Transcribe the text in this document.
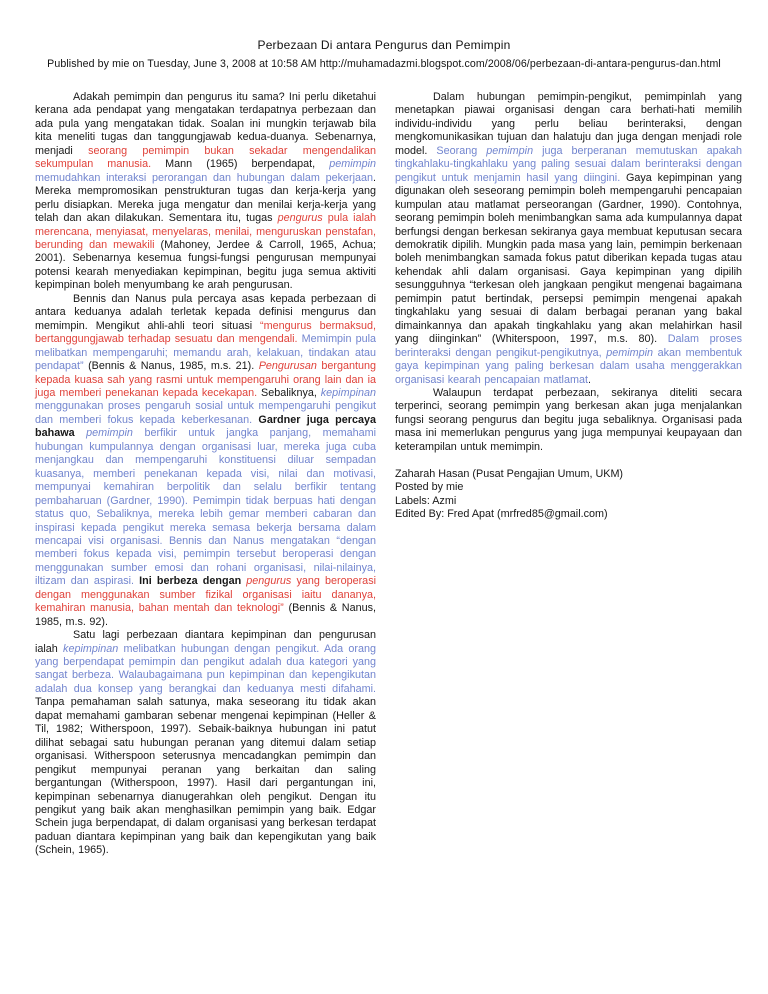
Perbezaan Di antara Pengurus dan Pemimpin
Published by mie on Tuesday, June 3, 2008 at 10:58 AM http://muhamadazmi.blogspot.com/2008/06/perbezaan-di-antara-pengurus-dan.html

Adakah pemimpin dan pengurus itu sama? Ini perlu diketahui kerana ada pendapat yang mengatakan terdapatnya perbezaan dan ada pula yang mengatakan tidak. Soalan ini mungkin terjawab bila kita meneliti tugas dan tanggungjawab kedua-duanya. Sebenarnya, menjadi seorang pemimpin bukan sekadar mengendalikan sekumpulan manusia. Mann (1965) berpendapat, pemimpin memudahkan interaksi perorangan dan hubungan dalam pekerjaan. Mereka mempromosikan penstrukturan tugas dan kerja-kerja yang perlu disiapkan. Mereka juga mengatur dan menilai kerja-kerja yang telah dan akan dilakukan. Sementara itu, tugas pengurus pula ialah merencana, menyiasat, menyelaras, menilai, menguruskan penstafan, berunding dan mewakili (Mahoney, Jerdee & Carroll, 1965, Achua; 2001). Sebenarnya kesemua fungsi-fungsi pengurusan mempunyai potensi kearah menyediakan kepimpinan, begitu juga semua aktiviti kepimpinan boleh menyumbang ke arah pengurusan.

Bennis dan Nanus pula percaya asas kepada perbezaan di antara keduanya adalah terletak kepada definisi mengurus dan memimpin. Mengikut ahli-ahli teori situasi “mengurus bermaksud, bertanggungjawab terhadap sesuatu dan mengendali. Memimpin pula melibatkan mempengaruhi; memandu arah, kelakuan, tindakan atau pendapat” (Bennis & Nanus, 1985, m.s. 21). Pengurusan bergantung kepada kuasa sah yang rasmi untuk mempengaruhi orang lain dan ia juga memberi penekanan kepada kecekapan. Sebaliknya, kepimpinan menggunakan proses pengaruh sosial untuk mempengaruhi pengikut dan memberi fokus kepada keberkesanan. Gardner juga percaya bahawa pemimpin berfikir untuk jangka panjang, memahami hubungan kumpulannya dengan organisasi luar, mereka juga cuba menjangkau dan mempengaruhi konstituensi diluar sempadan kuasanya, memberi penekanan kepada visi, nilai dan motivasi, mempunyai kemahiran berpolitik dan selalu berfikir tentang pembaharuan (Gardner, 1990). Pemimpin tidak berpuas hati dengan status quo, Sebaliknya, mereka lebih gemar memberi cabaran dan inspirasi kepada pengikut mereka semasa bekerja bersama dalam mencapai visi organisasi. Bennis dan Nanus mengatakan “dengan memberi fokus kepada visi, pemimpin tersebut beroperasi dengan menggunakan sumber emosi dan rohani organisasi, nilai-nilainya, iltizam dan aspirasi. Ini berbeza dengan pengurus yang beroperasi dengan menggunakan sumber fizikal organisasi iaitu dananya, kemahiran manusia, bahan mentah dan teknologi” (Bennis & Nanus, 1985, m.s. 92).

Satu lagi perbezaan diantara kepimpinan dan pengurusan ialah kepimpinan melibatkan hubungan dengan pengikut. Ada orang yang berpendapat pemimpin dan pengikut adalah dua kategori yang sangat berbeza. Walaubagaimana pun kepimpinan dan kepengikutan adalah dua konsep yang berangkai dan keduanya mesti difahami. Tanpa pemahaman salah satunya, maka seseorang itu tidak akan dapat memahami gambaran sebenar mengenai kepimpinan (Heller & Til, 1982; Witherspoon, 1997). Sebaik-baiknya hubungan ini patut dilihat sebagai satu hubungan peranan yang ditemui dalam setiap organisasi. Witherspoon seterusnya mencadangkan pemimpin dan pengikut mempunyai peranan yang berkaitan dan saling bergantungan (Witherspoon, 1997). Hasil dari pergantungan ini, kepimpinan sebenarnya dianugerahkan oleh pengikut. Dengan itu pengikut yang baik akan menghasilkan pemimpin yang baik. Edgar Schein juga berpendapat, di dalam organisasi yang berkesan terdapat paduan diantara kepimpinan yang baik dan kepengikutan yang baik (Schein, 1965).

Dalam hubungan pemimpin-pengikut, pemimpinlah yang menetapkan piawai organisasi dengan cara berhati-hati memilih individu-individu yang perlu beliau berinteraksi, dengan mengkomunikasikan tujuan dan halatuju dan juga dengan menjadi role model. Seorang pemimpin juga berperanan memutuskan apakah tingkahlaku-tingkahlaku yang paling sesuai dalam berinteraksi dengan pengikut untuk menjamin hasil yang diingini. Gaya kepimpinan yang digunakan oleh seseorang pemimpin boleh mempengaruhi pencapaian kumpulan atau matlamat perseorangan (Gardner, 1990). Contohnya, seorang pemimpin boleh menimbangkan sama ada kumpulannya dapat berfungsi dengan berkesan sekiranya gaya membuat keputusan secara demokratik dipilih. Mungkin pada masa yang lain, pemimpin berkenaan boleh menimbangkan samada fokus patut diberikan kepada tugas atau kehendak ahli dalam organisasi. Gaya kepimpinan yang dipilih sesungguhnya “terkesan oleh jangkaan pengikut mengenai bagaimana pemimpin patut bertindak, persepsi pemimpin mengenai apakah tingkahlaku yang sesuai di dalam berbagai peranan yang bakal dimainkannya dan apakah tingkahlaku yang akan melahirkan hasil yang diinginkan” (Whiterspoon, 1997, m.s. 80). Dalam proses berinteraksi dengan pengikut-pengikutnya, pemimpin akan membentuk gaya kepimpinan yang paling berkesan dalam usaha menggerakkan organisasi kearah pencapaian matlamat.

Walaupun terdapat perbezaan, sekiranya diteliti secara terperinci, seorang pemimpin yang berkesan akan juga menjalankan fungsi seorang pengurus dan begitu juga sebaliknya. Organisasi pada masa ini memerlukan pengurus yang juga mempunyai keupayaan dan keterampilan untuk memimpin.

Zaharah Hasan (Pusat Pengajian Umum, UKM)
Posted by mie
Labels: Azmi
Edited By: Fred Apat (mrfred85@gmail.com)
